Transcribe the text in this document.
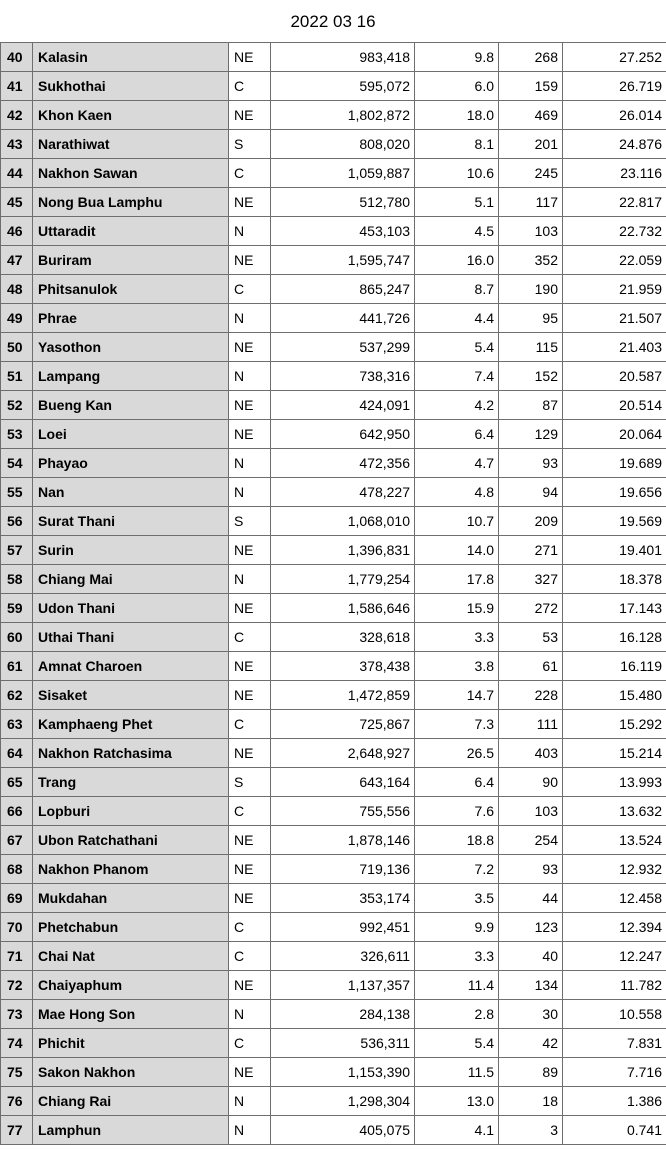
2022 03 16
40	Kalasin	NE	983,418	9.8	268	27.252
41	Sukhothai	C	595,072	6.0	159	26.719
42	Khon Kaen	NE	1,802,872	18.0	469	26.014
43	Narathiwat	S	808,020	8.1	201	24.876
44	Nakhon Sawan	C	1,059,887	10.6	245	23.116
45	Nong Bua Lamphu	NE	512,780	5.1	117	22.817
46	Uttaradit	N	453,103	4.5	103	22.732
47	Buriram	NE	1,595,747	16.0	352	22.059
48	Phitsanulok	C	865,247	8.7	190	21.959
49	Phrae	N	441,726	4.4	95	21.507
50	Yasothon	NE	537,299	5.4	115	21.403
51	Lampang	N	738,316	7.4	152	20.587
52	Bueng Kan	NE	424,091	4.2	87	20.514
53	Loei	NE	642,950	6.4	129	20.064
54	Phayao	N	472,356	4.7	93	19.689
55	Nan	N	478,227	4.8	94	19.656
56	Surat Thani	S	1,068,010	10.7	209	19.569
57	Surin	NE	1,396,831	14.0	271	19.401
58	Chiang Mai	N	1,779,254	17.8	327	18.378
59	Udon Thani	NE	1,586,646	15.9	272	17.143
60	Uthai Thani	C	328,618	3.3	53	16.128
61	Amnat Charoen	NE	378,438	3.8	61	16.119
62	Sisaket	NE	1,472,859	14.7	228	15.480
63	Kamphaeng Phet	C	725,867	7.3	111	15.292
64	Nakhon Ratchasima	NE	2,648,927	26.5	403	15.214
65	Trang	S	643,164	6.4	90	13.993
66	Lopburi	C	755,556	7.6	103	13.632
67	Ubon Ratchathani	NE	1,878,146	18.8	254	13.524
68	Nakhon Phanom	NE	719,136	7.2	93	12.932
69	Mukdahan	NE	353,174	3.5	44	12.458
70	Phetchabun	C	992,451	9.9	123	12.394
71	Chai Nat	C	326,611	3.3	40	12.247
72	Chaiyaphum	NE	1,137,357	11.4	134	11.782
73	Mae Hong Son	N	284,138	2.8	30	10.558
74	Phichit	C	536,311	5.4	42	7.831
75	Sakon Nakhon	NE	1,153,390	11.5	89	7.716
76	Chiang Rai	N	1,298,304	13.0	18	1.386
77	Lamphun	N	405,075	4.1	3	0.741
